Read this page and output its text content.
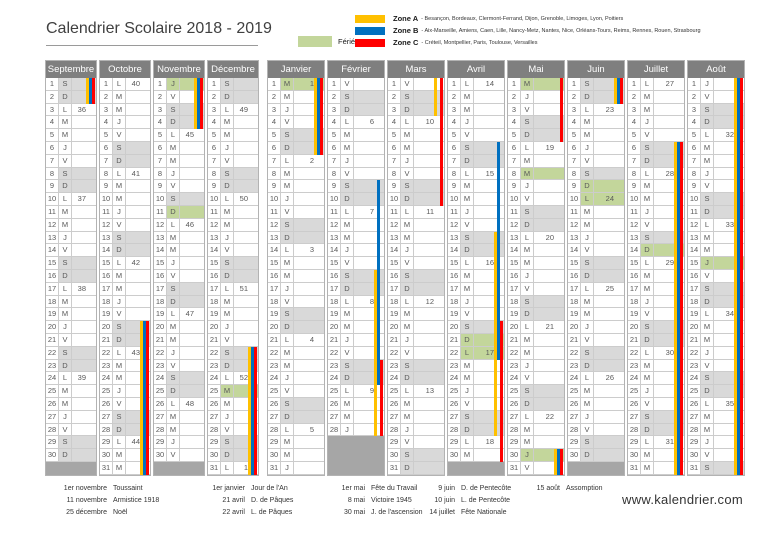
Calendrier Scolaire 2018 - 2019
Férié
Zone A - Besançon, Bordeaux, Clermont-Ferrand, Dijon, Grenoble, Limoges, Lyon, Poitiers
Zone B - Aix-Marseille, Amiens, Caen, Lille, Nancy-Metz, Nantes, Nice, Orléans-Tours, Reims, Rennes, Rouen, Strasbourg
Zone C - Créteil, Montpellier, Paris, Toulouse, Versailles
Septembre
1	S
2	D
3	L	36
4	M
5	M
6	J
7	V
8	S
9	D
10 L	37
11 M
12 M
13 J
14 V
15 S
16 D
17 L	38
18 M
19 M
20 J
21 V
22 S
23 D
24 L	39
25 M
26 M
27 J
28 V
29 S
30 D
Octobre
1	L	40
2	M
3	M
4	J
5	V
6	S
7	D
8	L	41
9	M
10 M
11 J
12 V
13 S
14 D
15 L	42
16 M
17 M
18 J
19 V
20 S
21 D
22 L	43
23 M
24 M
25 J
26 V
27 S
28 D
29 L	44
30 M
31 M
Novembre
1	J
2	V
3	S
4	D
5	L	45
6	M
7	M
8	J
9	V
10 S
11 D
12 L	46
13 M
14 M
15 J
16 V
17 S
18 D
19 L	47
20 M
21 M
22 J
23 V
24 S
25 D
26 L	48
27 M
28 M
29 J
30 V
Décembre
1	S
2	D
3	L	49
4	M
5	M
6	J
7	V
8	S
9	D
10 L	50
11 M
12 M
13 J
14 V
15 S
16 D
17 L	51
18 M
19 M
20 J
21 V
22 S
23 D
24 L	52
25 M
26 M
27 J
28 V
29 S
30 D
31 L	1
Janvier
1	M	1
2	M
3	J
4	V
5	S
6	D
7	L	2
8	M
9	M
10 J
11 V
12 S
13 D
14 L	3
15 M
16 M
17 J
18 V
19 S
20 D
21 L	4
22 M
23 M
24 J
25 V
26 S
27 D
28 L	5
29 M
30 M
31 J
Février
1	V
2	S
3	D
4	L	6
5	M
6	M
7	J
8	V
9	S
10 D
11 L	7
12 M
13 M
14 J
15 V
16 S
17 D
18 L	8
19 M
20 M
21 J
22 V
23 S
24 D
25 L	9
26 M
27 M
28 J
Mars
1	V
2	S
3	D
4	L	10
5	M
6	M
7	J
8	V
9	S
10 D
11 L	11
12 M
13 M
14 J
15 V
16 S
17 D
18 L	12
19 M
20 M
21 J
22 V
23 S
24 D
25 L	13
26 M
27 M
28 J
29 V
30 S
31 D
Avril
1	L	14
2	M
3	M
4	J
5	V
6	S
7	D
8	L	15
9	M
10 M
11 J
12 V
13 S
14 D
15 L	16
16 M
17 M
18 J
19 V
20 S
21 D
22 L	17
23 M
24 M
25 J
26 V
27 S
28 D
29 L	18
30 M
Mai
1	M
2	J
3	V
4	S
5	D
6	L	19
7	M
8	M
9	J
10 V
11 S
12 D
13 L	20
14 M
15 M
16 J
17 V
18 S
19 D
20 L	21
21 M
22 M
23 J
24 V
25 S
26 D
27 L	22
28 M
29 M
30 J
31 V
Juin
1	S
2	D
3	L	23
4	M
5	M
6	J
7	V
8	S
9	D
10 L	24
11 M
12 M
13 J
14 V
15 S
16 D
17 L	25
18 M
19 M
20 J
21 V
22 S
23 D
24 L	26
25 M
26 M
27 J
28 V
29 S
30 D
Juillet
1	L	27
2	M
3	M
4	J
5	V
6	S
7	D
8	L	28
9	M
10 M
11 J
12 V
13 S
14 D
15 L	29
16 M
17 M
18 J
19 V
20 S
21 D
22 L	30
23 M
24 M
25 J
26 V
27 S
28 D
29 L	31
30 M
31 M
Août
1	J
2	V
3	S
4	D
5	L	32
6	M
7	M
8	J
9	V
10 S
11 D
12 L	33
13 M
14 M
15 J
16 V
17 S
18 D
19 L	34
20 M
21 M
22 J
23 V
24 S
25 D
26 L	35
27 M
28 M
29 J
30 V
31 S
1er novembre Toussaint
11 novembre Armistice 1918
25 décembre Noël
1er janvier Jour de l'An
21 avril D. de Pâques
22 avril L. de Pâques
1er mai Fête du Travail
8 mai Victoire 1945
30 mai J. de l'ascension
9 juin D. de Pentecôte
10 juin L. de Pentecôte
14 juillet Fête Nationale
15 août Assomption
www.kalendrier.com
